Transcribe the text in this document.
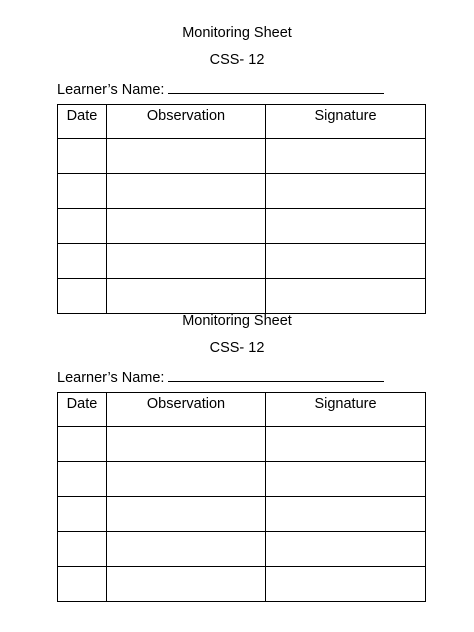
Monitoring Sheet
CSS- 12
Learner’s Name:
Date	Observation	Signature

Monitoring Sheet
CSS- 12
Learner’s Name:
Date	Observation	Signature
